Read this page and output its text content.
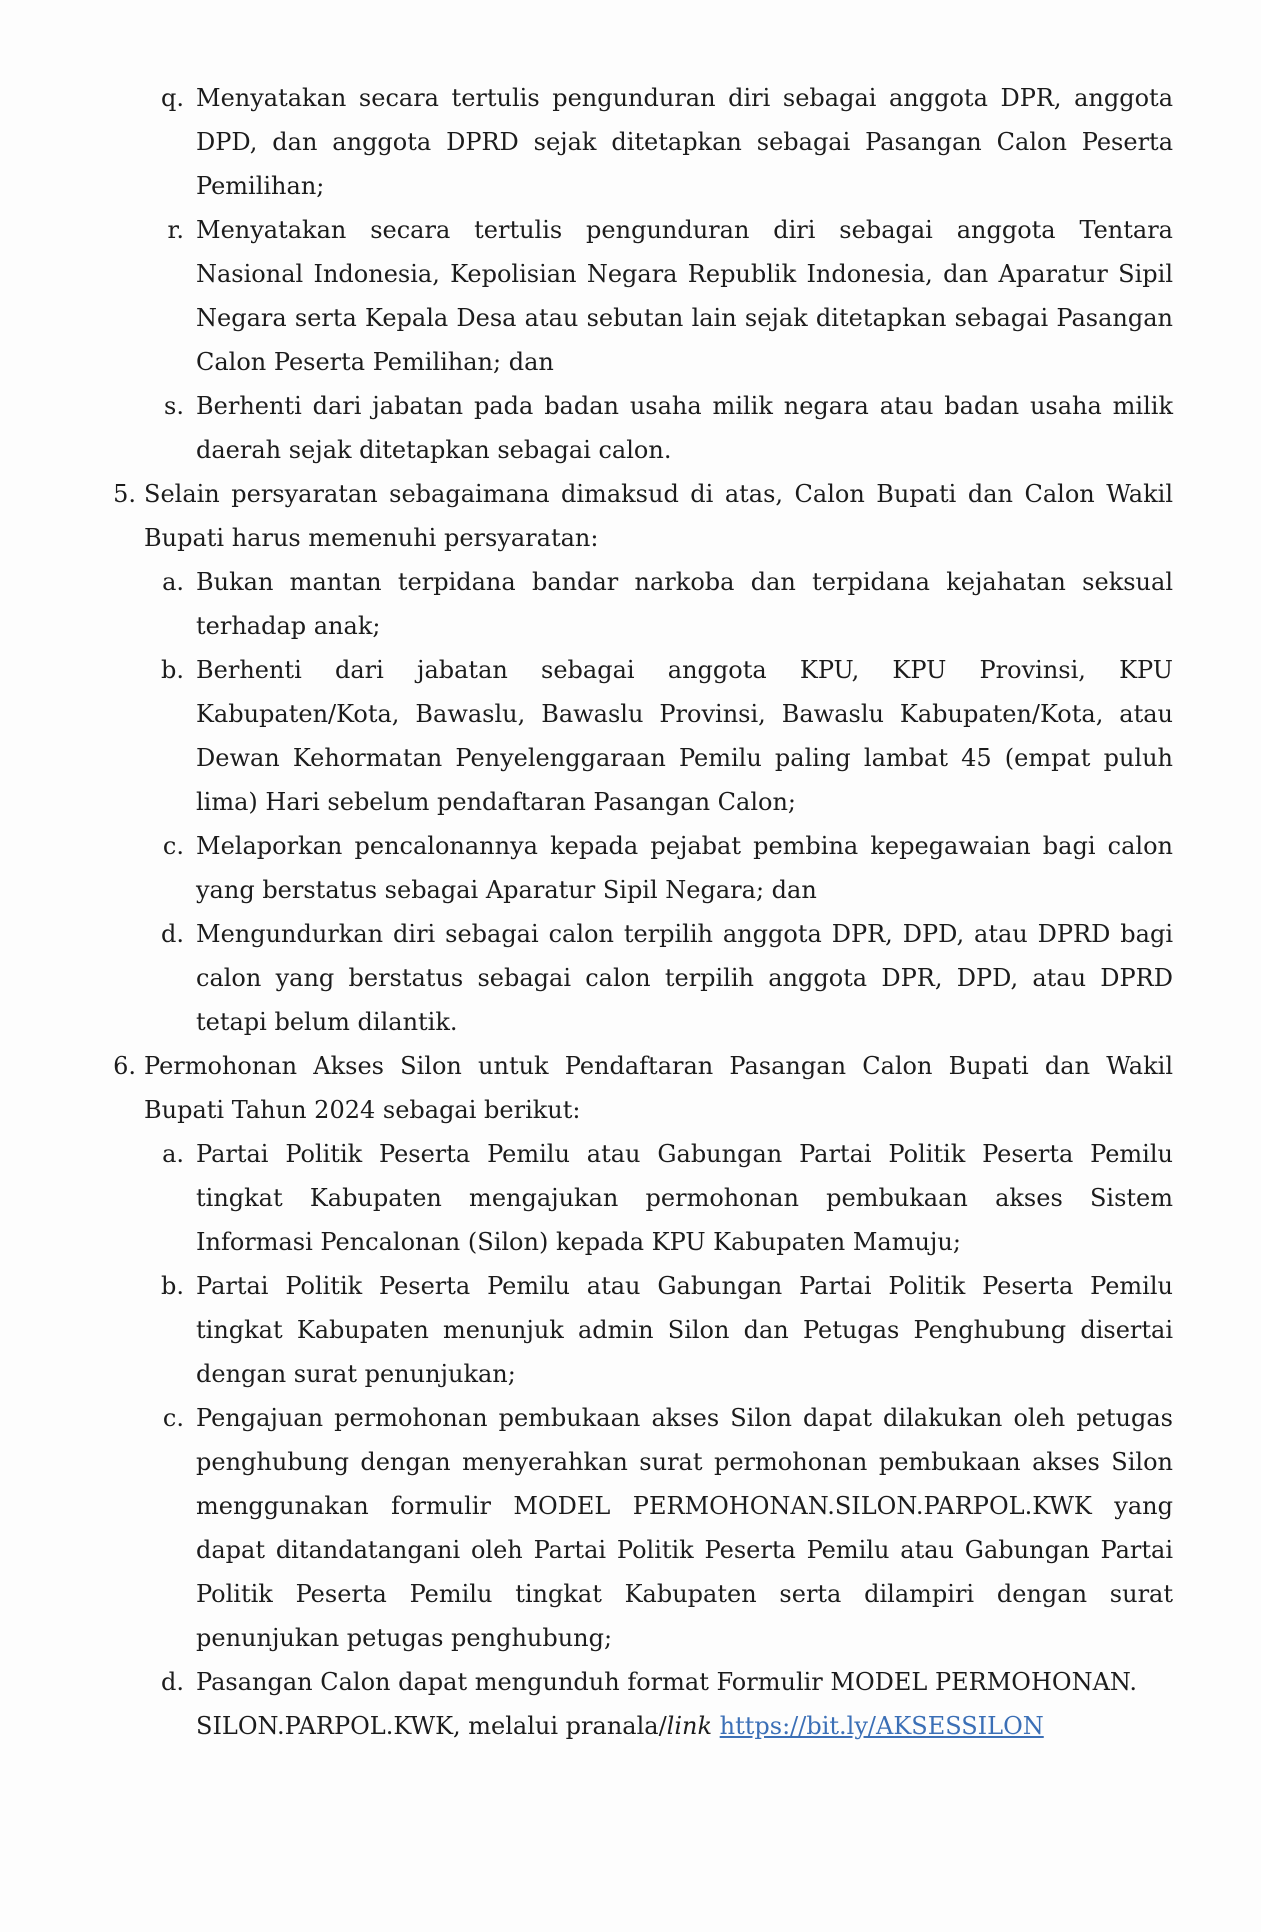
q. Menyatakan secara tertulis pengunduran diri sebagai anggota DPR, anggota DPD, dan anggota DPRD sejak ditetapkan sebagai Pasangan Calon Peserta Pemilihan;
r. Menyatakan secara tertulis pengunduran diri sebagai anggota Tentara Nasional Indonesia, Kepolisian Negara Republik Indonesia, dan Aparatur Sipil Negara serta Kepala Desa atau sebutan lain sejak ditetapkan sebagai Pasangan Calon Peserta Pemilihan; dan
s. Berhenti dari jabatan pada badan usaha milik negara atau badan usaha milik daerah sejak ditetapkan sebagai calon.
5. Selain persyaratan sebagaimana dimaksud di atas, Calon Bupati dan Calon Wakil Bupati harus memenuhi persyaratan:
a. Bukan mantan terpidana bandar narkoba dan terpidana kejahatan seksual terhadap anak;
b. Berhenti dari jabatan sebagai anggota KPU, KPU Provinsi, KPU Kabupaten/Kota, Bawaslu, Bawaslu Provinsi, Bawaslu Kabupaten/Kota, atau Dewan Kehormatan Penyelenggaraan Pemilu paling lambat 45 (empat puluh lima) Hari sebelum pendaftaran Pasangan Calon;
c. Melaporkan pencalonannya kepada pejabat pembina kepegawaian bagi calon yang berstatus sebagai Aparatur Sipil Negara; dan
d. Mengundurkan diri sebagai calon terpilih anggota DPR, DPD, atau DPRD bagi calon yang berstatus sebagai calon terpilih anggota DPR, DPD, atau DPRD tetapi belum dilantik.
6. Permohonan Akses Silon untuk Pendaftaran Pasangan Calon Bupati dan Wakil Bupati Tahun 2024 sebagai berikut:
a. Partai Politik Peserta Pemilu atau Gabungan Partai Politik Peserta Pemilu tingkat Kabupaten mengajukan permohonan pembukaan akses Sistem Informasi Pencalonan (Silon) kepada KPU Kabupaten Mamuju;
b. Partai Politik Peserta Pemilu atau Gabungan Partai Politik Peserta Pemilu tingkat Kabupaten menunjuk admin Silon dan Petugas Penghubung disertai dengan surat penunjukan;
c. Pengajuan permohonan pembukaan akses Silon dapat dilakukan oleh petugas penghubung dengan menyerahkan surat permohonan pembukaan akses Silon menggunakan formulir MODEL PERMOHONAN.SILON.PARPOL.KWK yang dapat ditandatangani oleh Partai Politik Peserta Pemilu atau Gabungan Partai Politik Peserta Pemilu tingkat Kabupaten serta dilampiri dengan surat penunjukan petugas penghubung;
d. Pasangan Calon dapat mengunduh format Formulir MODEL PERMOHONAN.
SILON.PARPOL.KWK, melalui pranala/link https://bit.ly/AKSESSILON
